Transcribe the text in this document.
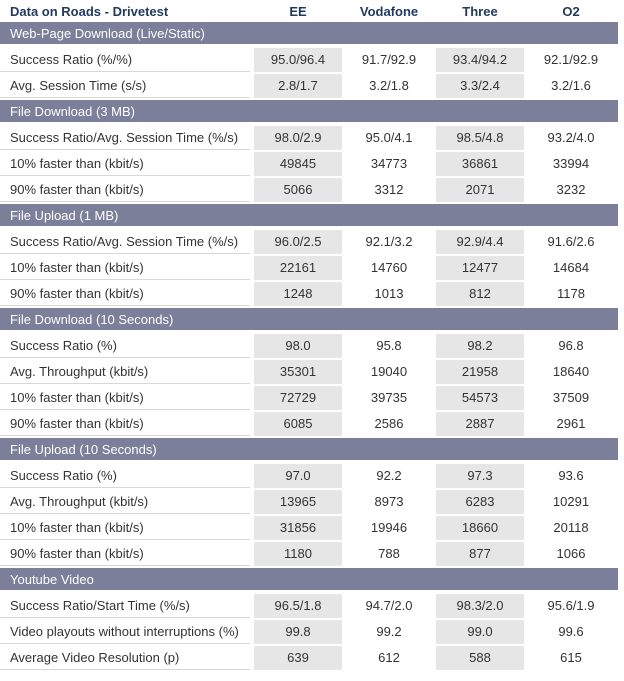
Data on Roads - Drivetest	EE	Vodafone	Three	O2
Web-Page Download (Live/Static)
Success Ratio (%/%)	95.0/96.4	91.7/92.9	93.4/94.2	92.1/92.9
Avg. Session Time (s/s)	2.8/1.7	3.2/1.8	3.3/2.4	3.2/1.6
File Download (3 MB)
Success Ratio/Avg. Session Time (%/s)	98.0/2.9	95.0/4.1	98.5/4.8	93.2/4.0
10% faster than (kbit/s)	49845	34773	36861	33994
90% faster than (kbit/s)	5066	3312	2071	3232
File Upload (1 MB)
Success Ratio/Avg. Session Time (%/s)	96.0/2.5	92.1/3.2	92.9/4.4	91.6/2.6
10% faster than (kbit/s)	22161	14760	12477	14684
90% faster than (kbit/s)	1248	1013	812	1178
File Download (10 Seconds)
Success Ratio (%)	98.0	95.8	98.2	96.8
Avg. Throughput (kbit/s)	35301	19040	21958	18640
10% faster than (kbit/s)	72729	39735	54573	37509
90% faster than (kbit/s)	6085	2586	2887	2961
File Upload (10 Seconds)
Success Ratio (%)	97.0	92.2	97.3	93.6
Avg. Throughput (kbit/s)	13965	8973	6283	10291
10% faster than (kbit/s)	31856	19946	18660	20118
90% faster than (kbit/s)	1180	788	877	1066
Youtube Video
Success Ratio/Start Time (%/s)	96.5/1.8	94.7/2.0	98.3/2.0	95.6/1.9
Video playouts without interruptions (%)	99.8	99.2	99.0	99.6
Average Video Resolution (p)	639	612	588	615
